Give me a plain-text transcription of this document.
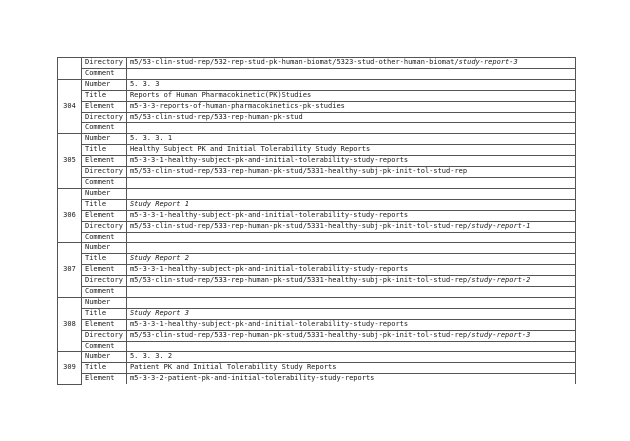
	Directory	m5/53-clin-stud-rep/532-rep-stud-pk-human-biomat/5323-stud-other-human-biomat/study-report-3
	Comment	
304	Number	5. 3. 3
	Title	Reports of Human Pharmacokinetic(PK)Studies
	Element	m5-3-3-reports-of-human-pharmacokinetics-pk-studies
	Directory	m5/53-clin-stud-rep/533-rep-human-pk-stud
	Comment	
305	Number	5. 3. 3. 1
	Title	Healthy Subject PK and Initial Tolerability Study Reports
	Element	m5-3-3-1-healthy-subject-pk-and-initial-tolerability-study-reports
	Directory	m5/53-clin-stud-rep/533-rep-human-pk-stud/5331-healthy-subj-pk-init-tol-stud-rep
	Comment	
306	Number	
	Title	Study Report 1
	Element	m5-3-3-1-healthy-subject-pk-and-initial-tolerability-study-reports
	Directory	m5/53-clin-stud-rep/533-rep-human-pk-stud/5331-healthy-subj-pk-init-tol-stud-rep/study-report-1
	Comment	
307	Number	
	Title	Study Report 2
	Element	m5-3-3-1-healthy-subject-pk-and-initial-tolerability-study-reports
	Directory	m5/53-clin-stud-rep/533-rep-human-pk-stud/5331-healthy-subj-pk-init-tol-stud-rep/study-report-2
	Comment	
308	Number	
	Title	Study Report 3
	Element	m5-3-3-1-healthy-subject-pk-and-initial-tolerability-study-reports
	Directory	m5/53-clin-stud-rep/533-rep-human-pk-stud/5331-healthy-subj-pk-init-tol-stud-rep/study-report-3
	Comment	
309	Number	5. 3. 3. 2
	Title	Patient PK and Initial Tolerability Study Reports
	Element	m5-3-3-2-patient-pk-and-initial-tolerability-study-reports
